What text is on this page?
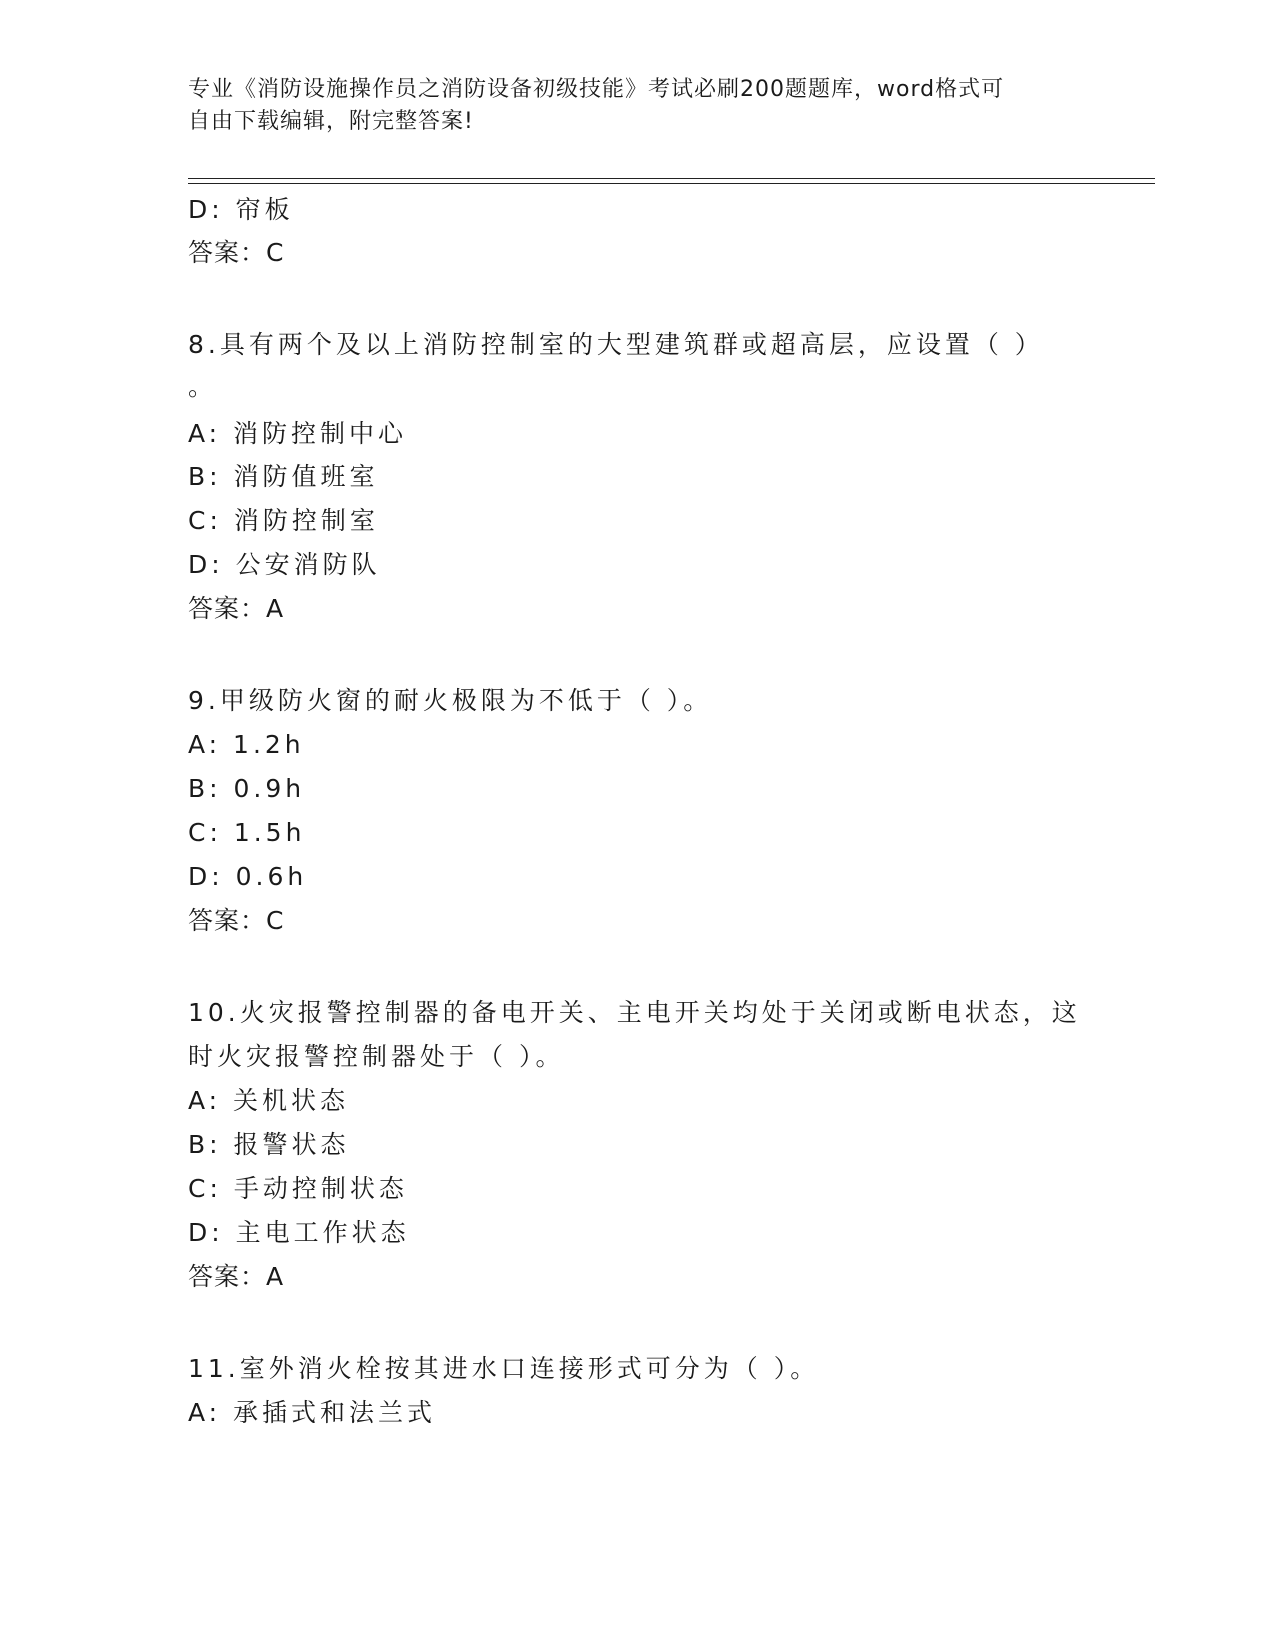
专业《消防设施操作员之消防设备初级技能》考试必刷200题题库，word格式可
自由下载编辑，附完整答案!
D: 帘板
答案：C
8.具有两个及以上消防控制室的大型建筑群或超高层，应设置（ ）
。
A: 消防控制中心
B: 消防值班室
C: 消防控制室
D: 公安消防队
答案：A
9.甲级防火窗的耐火极限为不低于（ ）。
A: 1.2h
B: 0.9h
C: 1.5h
D: 0.6h
答案：C
10.火灾报警控制器的备电开关、主电开关均处于关闭或断电状态，这
时火灾报警控制器处于（ ）。
A: 关机状态
B: 报警状态
C: 手动控制状态
D: 主电工作状态
答案：A
11.室外消火栓按其进水口连接形式可分为（ ）。
A: 承插式和法兰式
